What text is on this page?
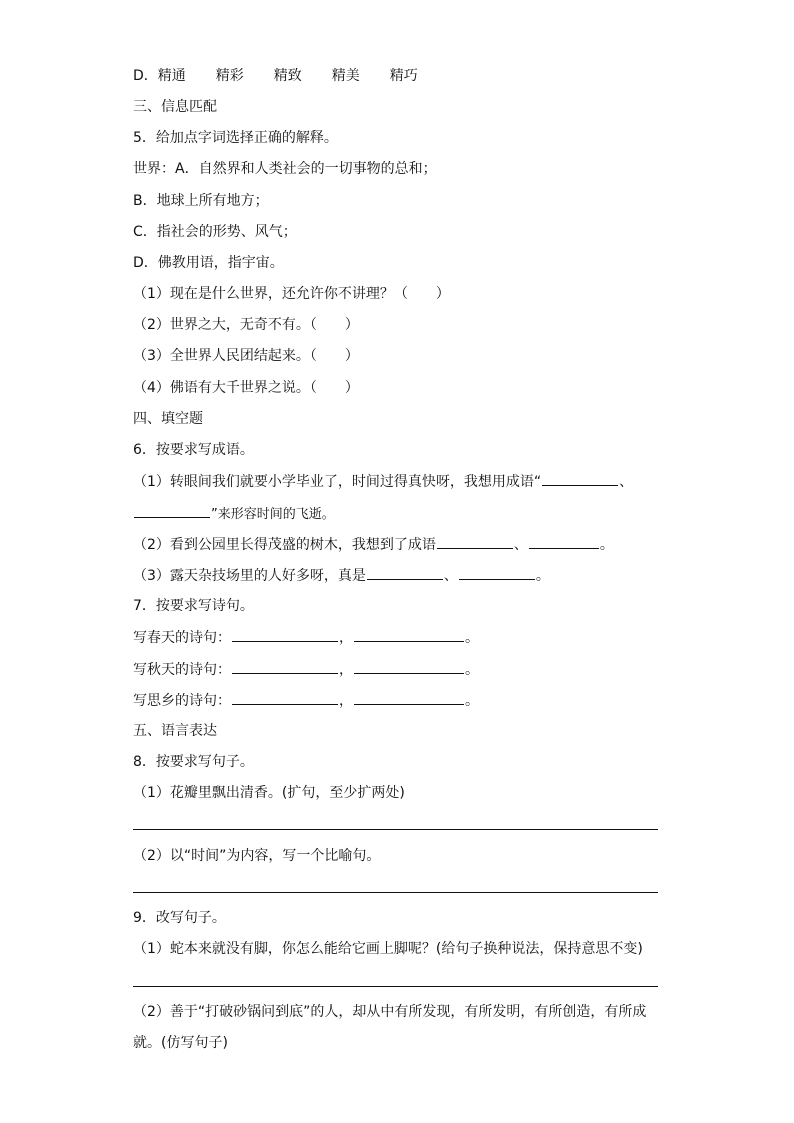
D．精通 精彩 精致 精美 精巧
三、信息匹配
5．给加点字词选择正确的解释。
世界：A．自然界和人类社会的一切事物的总和；
B．地球上所有地方；
C．指社会的形势、风气；
D．佛教用语，指宇宙。
（1）现在是什么世界，还允许你不讲理？（　　）
（2）世界之大，无奇不有。（　　）
（3）全世界人民团结起来。（　　）
（4）佛语有大千世界之说。（　　）
四、填空题
6．按要求写成语。
（1）转眼间我们就要小学毕业了，时间过得真快呀，我想用成语“	、
”来形容时间的飞逝。
（2）看到公园里长得茂盛的树木，我想到了成语	、	。
（3）露天杂技场里的人好多呀，真是	、	。
7．按要求写诗句。
写春天的诗句：	，	。
写秋天的诗句：	，	。
写思乡的诗句：	，	。
五、语言表达
8．按要求写句子。
（1）花瓣里飘出清香。(扩句，至少扩两处)
（2）以“时间”为内容，写一个比喻句。
9．改写句子。
（1）蛇本来就没有脚，你怎么能给它画上脚呢？(给句子换种说法，保持意思不变)
（2）善于“打破砂锅问到底”的人，却从中有所发现，有所发明，有所创造，有所成
就。(仿写句子)
